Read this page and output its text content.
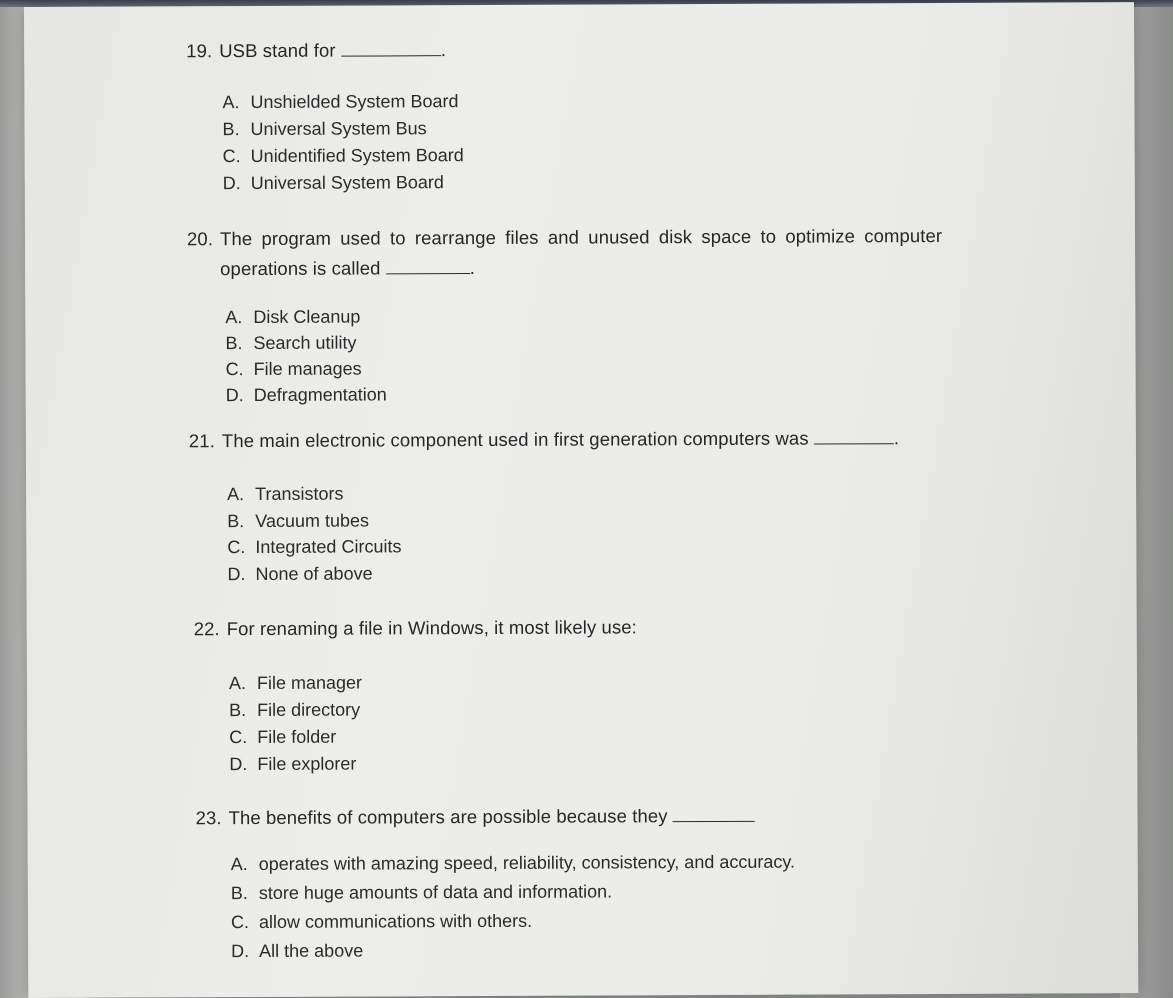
19. USB stand for	.
A. Unshielded System Board
B. Universal System Bus
C. Unidentified System Board
D. Universal System Board
20. The program used to rearrange files and unused disk space to optimize computer
operations is called	.
A. Disk Cleanup
B. Search utility
C. File manages
D. Defragmentation
21. The main electronic component used in first generation computers was	.
A. Transistors
B. Vacuum tubes
C. Integrated Circuits
D. None of above
22. For renaming a file in Windows, it most likely use:
A. File manager
B. File directory
C. File folder
D. File explorer
23. The benefits of computers are possible because they
A. operates with amazing speed, reliability, consistency, and accuracy.
B. store huge amounts of data and information.
C. allow communications with others.
D. All the above
